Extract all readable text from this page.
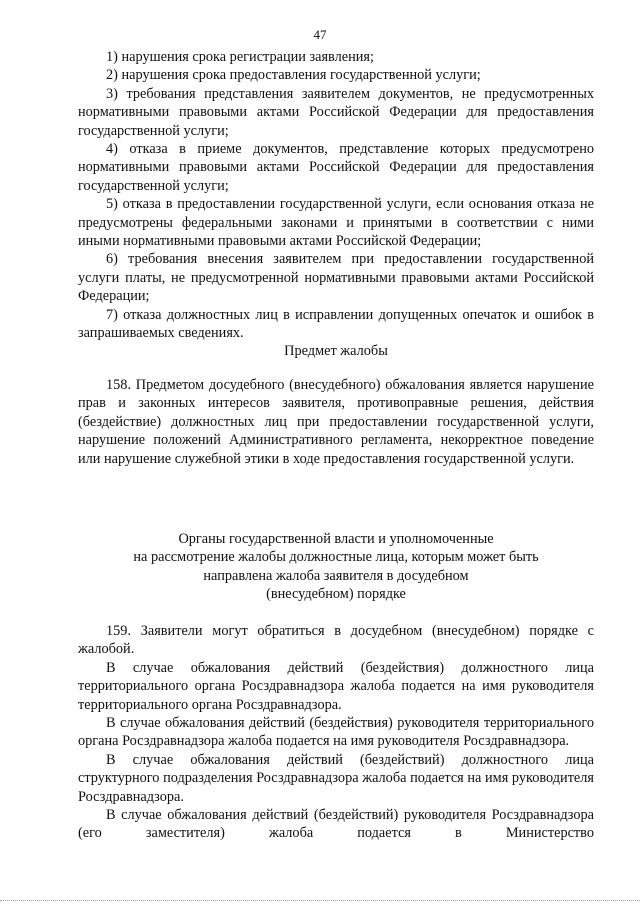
47

1) нарушения срока регистрации заявления;

2) нарушения срока предоставления государственной услуги;

3) требования представления заявителем документов, не предусмотренных нормативными правовыми актами Российской Федерации для предоставления государственной услуги;

4) отказа в приеме документов, представление которых предусмотрено нормативными правовыми актами Российской Федерации для предоставления государственной услуги;

5) отказа в предоставлении государственной услуги, если основания отказа не предусмотрены федеральными законами и принятыми в соответствии с ними иными нормативными правовыми актами Российской Федерации;

6) требования внесения заявителем при предоставлении государственной услуги платы, не предусмотренной нормативными правовыми актами Российской Федерации;

7) отказа должностных лиц в исправлении допущенных опечаток и ошибок в запрашиваемых сведениях.

Предмет жалобы

158. Предметом досудебного (внесудебного) обжалования является нарушение прав и законных интересов заявителя, противоправные решения, действия (бездействие) должностных лиц при предоставлении государственной услуги, нарушение положений Административного регламента, некорректное поведение или нарушение служебной этики в ходе предоставления государственной услуги.

Органы государственной власти и уполномоченные

на рассмотрение жалобы должностные лица, которым может быть

направлена жалоба заявителя в досудебном

(внесудебном) порядке

159. Заявители могут обратиться в досудебном (внесудебном) порядке с жалобой.

В случае обжалования действий (бездействия) должностного лица территориального органа Росздравнадзора жалоба подается на имя руководителя территориального органа Росздравнадзора.

В случае обжалования действий (бездействия) руководителя территориального органа Росздравнадзора жалоба подается на имя руководителя Росздравнадзора.

В случае обжалования действий (бездействий) должностного лица структурного подразделения Росздравнадзора жалоба подается на имя руководителя Росздравнадзора.

В случае обжалования действий (бездействий) руководителя Росздравнадзора (его заместителя) жалоба подается в Министерство
